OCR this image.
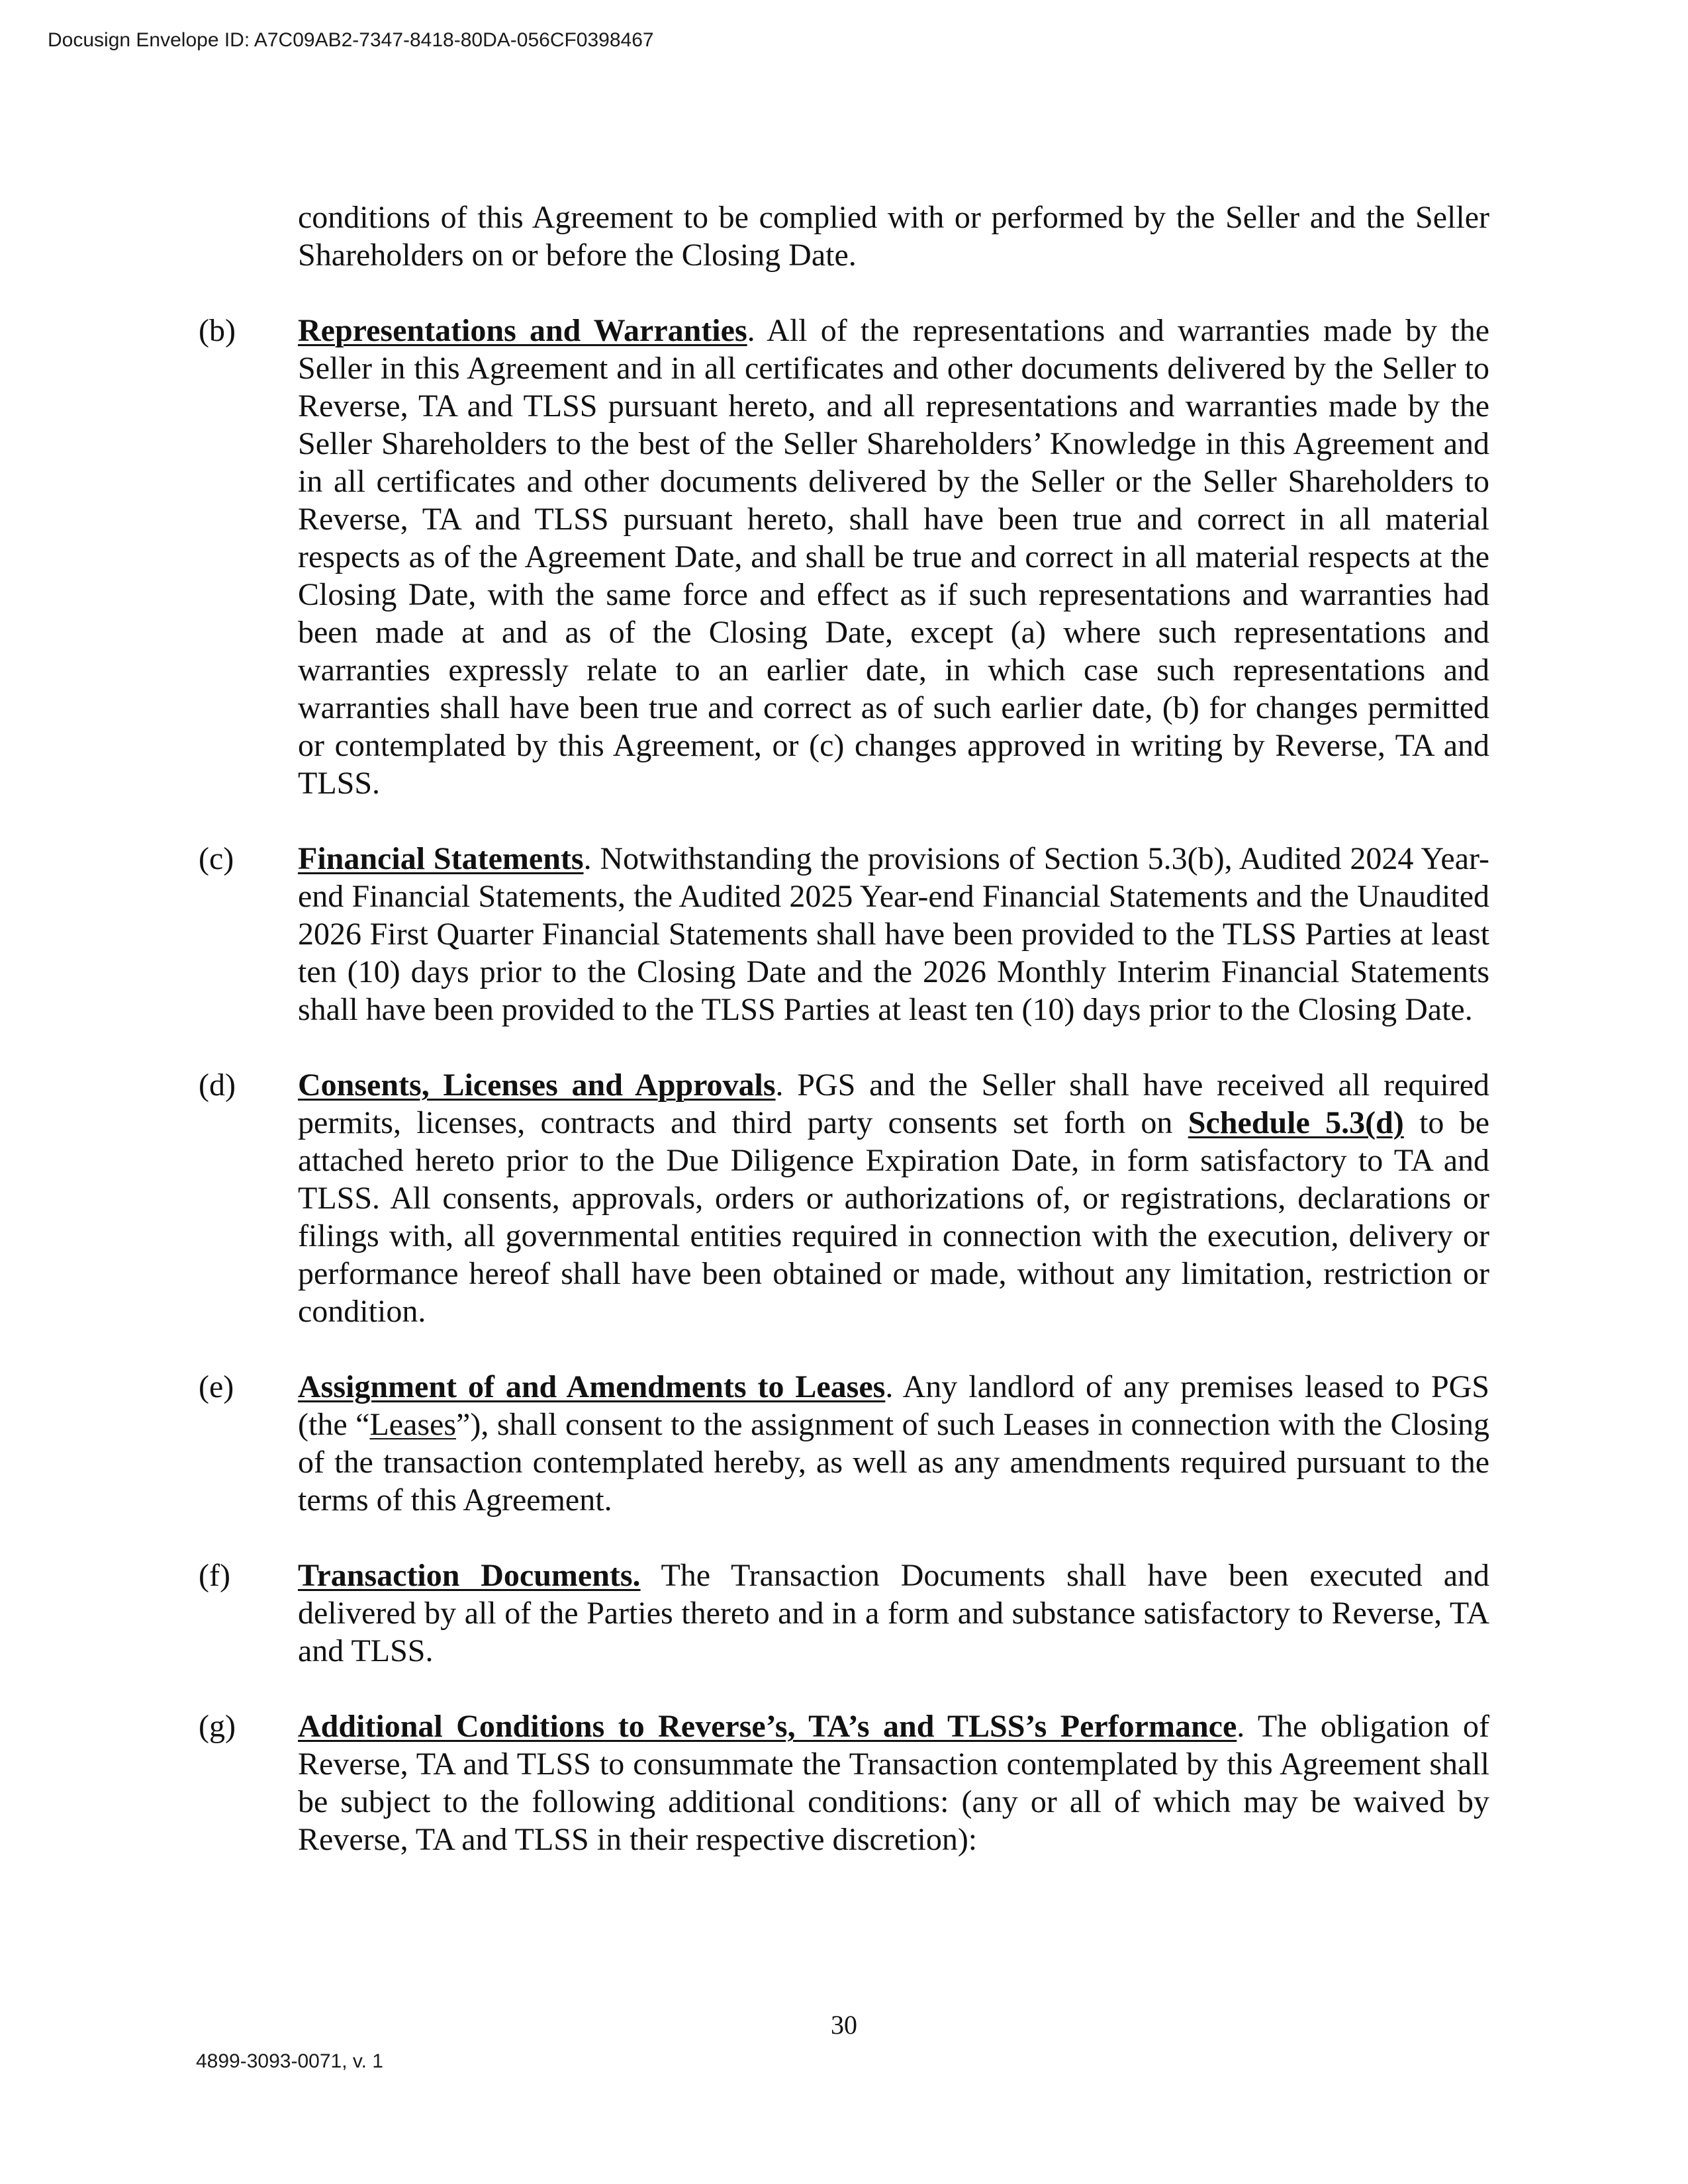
Docusign Envelope ID: A7C09AB2-7347-8418-80DA-056CF0398467
conditions of this Agreement to be complied with or performed by the Seller and the Seller Shareholders on or before the Closing Date.
(b)	Representations and Warranties. All of the representations and warranties made by the Seller in this Agreement and in all certificates and other documents delivered by the Seller to Reverse, TA and TLSS pursuant hereto, and all representations and warranties made by the Seller Shareholders to the best of the Seller Shareholders’ Knowledge in this Agreement and in all certificates and other documents delivered by the Seller or the Seller Shareholders to Reverse, TA and TLSS pursuant hereto, shall have been true and correct in all material respects as of the Agreement Date, and shall be true and correct in all material respects at the Closing Date, with the same force and effect as if such representations and warranties had been made at and as of the Closing Date, except (a) where such representations and warranties expressly relate to an earlier date, in which case such representations and warranties shall have been true and correct as of such earlier date, (b) for changes permitted or contemplated by this Agreement, or (c) changes approved in writing by Reverse, TA and TLSS.
(c)	Financial Statements. Notwithstanding the provisions of Section 5.3(b), Audited 2024 Year-end Financial Statements, the Audited 2025 Year-end Financial Statements and the Unaudited 2026 First Quarter Financial Statements shall have been provided to the TLSS Parties at least ten (10) days prior to the Closing Date and the 2026 Monthly Interim Financial Statements shall have been provided to the TLSS Parties at least ten (10) days prior to the Closing Date.
(d)	Consents, Licenses and Approvals. PGS and the Seller shall have received all required permits, licenses, contracts and third party consents set forth on Schedule 5.3(d) to be attached hereto prior to the Due Diligence Expiration Date, in form satisfactory to TA and TLSS. All consents, approvals, orders or authorizations of, or registrations, declarations or filings with, all governmental entities required in connection with the execution, delivery or performance hereof shall have been obtained or made, without any limitation, restriction or condition.
(e)	Assignment of and Amendments to Leases. Any landlord of any premises leased to PGS (the “Leases”), shall consent to the assignment of such Leases in connection with the Closing of the transaction contemplated hereby, as well as any amendments required pursuant to the terms of this Agreement.
(f)	Transaction Documents. The Transaction Documents shall have been executed and delivered by all of the Parties thereto and in a form and substance satisfactory to Reverse, TA and TLSS.
(g)	Additional Conditions to Reverse’s, TA’s and TLSS’s Performance. The obligation of Reverse, TA and TLSS to consummate the Transaction contemplated by this Agreement shall be subject to the following additional conditions: (any or all of which may be waived by Reverse, TA and TLSS in their respective discretion):
30
4899-3093-0071, v. 1
